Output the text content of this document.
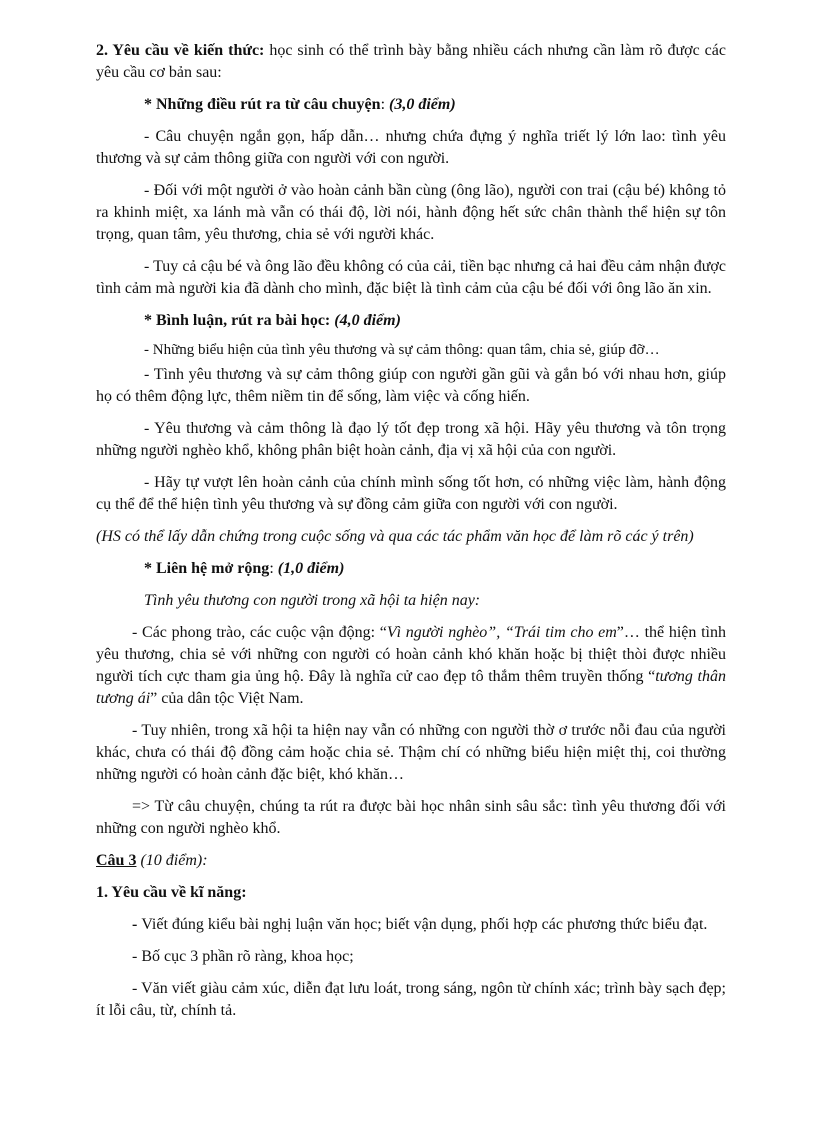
2. Yêu cầu về kiến thức: học sinh có thể trình bày bằng nhiều cách nhưng cần làm rõ được các yêu cầu cơ bản sau:

* Những điều rút ra từ câu chuyện: (3,0 điểm)

- Câu chuyện ngắn gọn, hấp dẫn… nhưng chứa đựng ý nghĩa triết lý lớn lao: tình yêu thương và sự cảm thông giữa con người với con người.

- Đối với một người ở vào hoàn cảnh bần cùng (ông lão), người con trai (cậu bé) không tỏ ra khinh miệt, xa lánh mà vẫn có thái độ, lời nói, hành động hết sức chân thành thể hiện sự tôn trọng, quan tâm, yêu thương, chia sẻ với người khác.

- Tuy cả cậu bé và ông lão đều không có của cải, tiền bạc nhưng cả hai đều cảm nhận được tình cảm mà người kia đã dành cho mình, đặc biệt là tình cảm của cậu bé đối với ông lão ăn xin.

* Bình luận, rút ra bài học: (4,0 điểm)

- Những biểu hiện của tình yêu thương và sự cảm thông: quan tâm, chia sẻ, giúp đỡ…

- Tình yêu thương và sự cảm thông giúp con người gần gũi và gắn bó với nhau hơn, giúp họ có thêm động lực, thêm niềm tin để sống, làm việc và cống hiến.

- Yêu thương và cảm thông là đạo lý tốt đẹp trong xã hội. Hãy yêu thương và tôn trọng những người nghèo khổ, không phân biệt hoàn cảnh, địa vị xã hội của con người.

- Hãy tự vượt lên hoàn cảnh của chính mình sống tốt hơn, có những việc làm, hành động cụ thể để thể hiện tình yêu thương và sự đồng cảm giữa con người với con người.

(HS có thể lấy dẫn chứng trong cuộc sống và qua các tác phẩm văn học để làm rõ các ý trên)

* Liên hệ mở rộng: (1,0 điểm)

Tình yêu thương con người trong xã hội ta hiện nay:

- Các phong trào, các cuộc vận động: “Vì người nghèo”, “Trái tim cho em”… thể hiện tình yêu thương, chia sẻ với những con người có hoàn cảnh khó khăn hoặc bị thiệt thòi được nhiều người tích cực tham gia ủng hộ. Đây là nghĩa cử cao đẹp tô thắm thêm truyền thống “tương thân tương ái” của dân tộc Việt Nam.

- Tuy nhiên, trong xã hội ta hiện nay vẫn có những con người thờ ơ trước nỗi đau của người khác, chưa có thái độ đồng cảm hoặc chia sẻ. Thậm chí có những biểu hiện miệt thị, coi thường những người có hoàn cảnh đặc biệt, khó khăn…

=> Từ câu chuyện, chúng ta rút ra được bài học nhân sinh sâu sắc: tình yêu thương đối với những con người nghèo khổ.

Câu 3 (10 điểm):

1. Yêu cầu về kĩ năng:

- Viết đúng kiểu bài nghị luận văn học; biết vận dụng, phối hợp các phương thức biểu đạt.

- Bố cục 3 phần rõ ràng, khoa học;

- Văn viết giàu cảm xúc, diễn đạt lưu loát, trong sáng, ngôn từ chính xác; trình bày sạch đẹp; ít lỗi câu, từ, chính tả.
